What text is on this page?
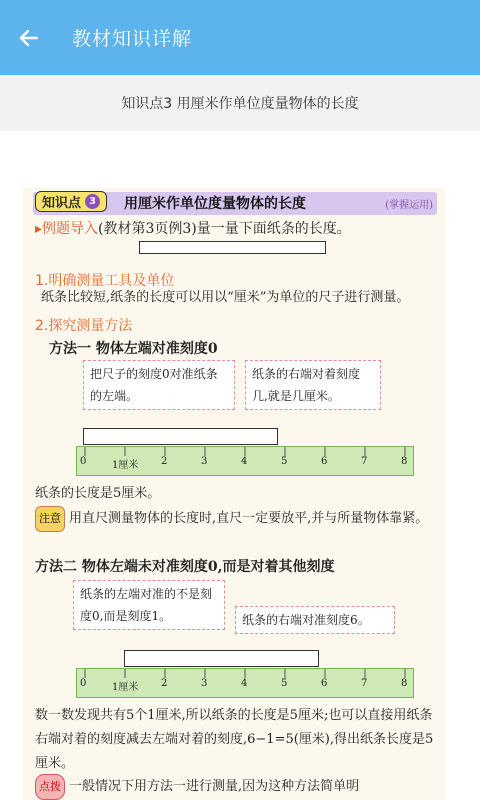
教材知识详解
知识点3 用厘米作单位度量物体的长度
知识点 3 用厘米作单位度量物体的长度	(掌握运用)
▸例题导入(教材第3页例3)量一量下面纸条的长度。
1.明确测量工具及单位
纸条比较短,纸条的长度可以用以“厘米”为单位的尺子进行测量。
2.探究测量方法
方法一 物体左端对准刻度0
把尺子的刻度0对准纸条的左端。
纸条的右端对着刻度几,就是几厘米。
0	1厘米 2	3	4	5	6	7	8
纸条的长度是5厘米。
注意 用直尺测量物体的长度时,直尺一定要放平,并与所量物体靠紧。
方法二 物体左端未对准刻度0,而是对着其他刻度
纸条的左端对准的不是刻度0,而是刻度1。	纸条的右端对准刻度6。
0	1厘米 2	3	4	5	6	7	8
数一数发现共有5个1厘米,所以纸条的长度是5厘米;也可以直接用纸条右端对着的刻度减去左端对着的刻度,6−1=5(厘米),得出纸条长度是5厘米。
点拨 一般情况下用方法一进行测量,因为这种方法简单明
